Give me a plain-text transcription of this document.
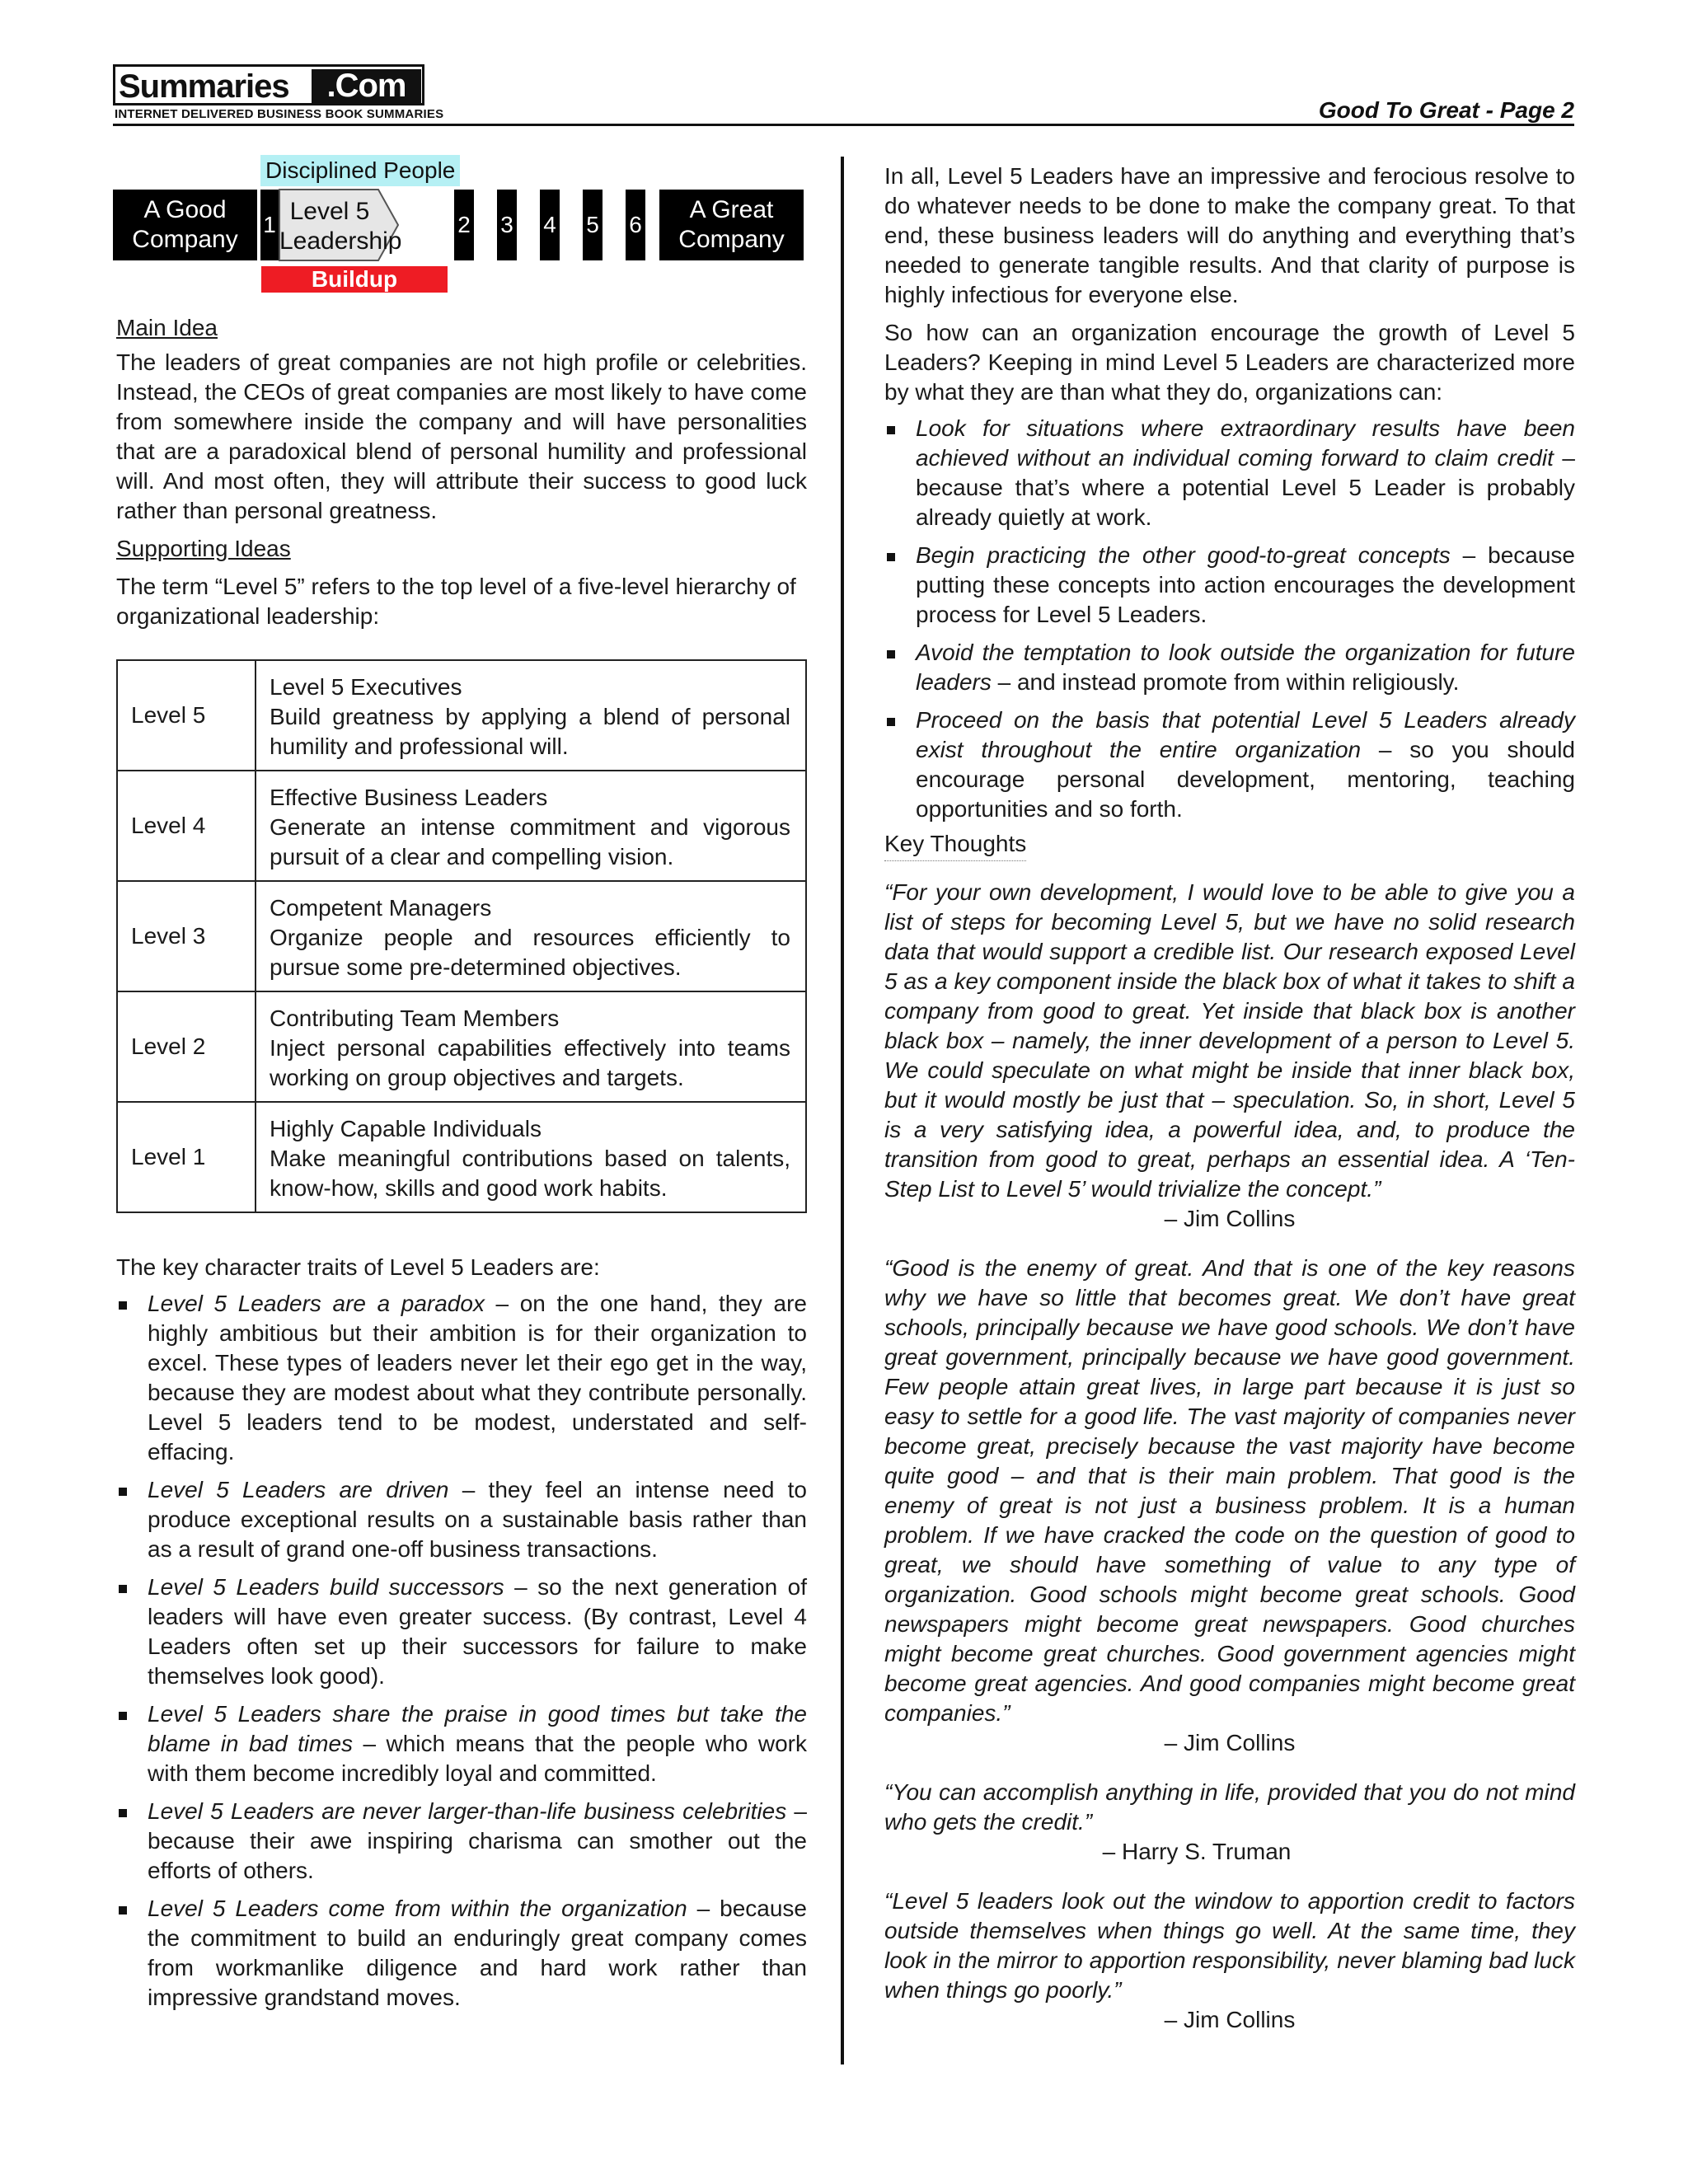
Summaries	.Com
INTERNET DELIVERED BUSINESS BOOK SUMMARIES	Good To Great - Page 2
Disciplined People
A Good
Company
1 Level 5
Leadership
2 3 4 5 6
A Great
Company
Buildup
Main Idea

The leaders of great companies are not high profile or celebrities. Instead, the CEOs of great companies are most likely to have come from somewhere inside the company and will have personalities that are a paradoxical blend of personal humility and professional will. And most often, they will attribute their success to good luck rather than personal greatness.

Supporting Ideas

The term “Level 5” refers to the top level of a five-level hierarchy of organizational leadership:

Level 5	Level 5 Executives
Build greatness by applying a blend of personal humility and professional will.

Level 4	Effective Business Leaders
Generate an intense commitment and vigorous pursuit of a clear and compelling vision.

Level 3	Competent Managers
Organize people and resources efficiently to pursue some pre-determined objectives.

Level 2	Contributing Team Members
Inject personal capabilities effectively into teams working on group objectives and targets.

Level 1	Highly Capable Individuals
Make meaningful contributions based on talents, know-how, skills and good work habits.

The key character traits of Level 5 Leaders are:

Level 5 Leaders are a paradox – on the one hand, they are highly ambitious but their ambition is for their organization to excel. These types of leaders never let their ego get in the way, because they are modest about what they contribute personally. Level 5 leaders tend to be modest, understated and self-effacing.
Level 5 Leaders are driven – they feel an intense need to produce exceptional results on a sustainable basis rather than as a result of grand one-off business transactions.
Level 5 Leaders build successors – so the next generation of leaders will have even greater success. (By contrast, Level 4 Leaders often set up their successors for failure to make themselves look good).
Level 5 Leaders share the praise in good times but take the blame in bad times – which means that the people who work with them become incredibly loyal and committed.
Level 5 Leaders are never larger-than-life business celebrities – because their awe inspiring charisma can smother out the efforts of others.
Level 5 Leaders come from within the organization – because the commitment to build an enduringly great company comes from workmanlike diligence and hard work rather than impressive grandstand moves.

In all, Level 5 Leaders have an impressive and ferocious resolve to do whatever needs to be done to make the company great. To that end, these business leaders will do anything and everything that’s needed to generate tangible results. And that clarity of purpose is highly infectious for everyone else.

So how can an organization encourage the growth of Level 5 Leaders? Keeping in mind Level 5 Leaders are characterized more by what they are than what they do, organizations can:

Look for situations where extraordinary results have been achieved without an individual coming forward to claim credit – because that’s where a potential Level 5 Leader is probably already quietly at work.
Begin practicing the other good-to-great concepts – because putting these concepts into action encourages the development process for Level 5 Leaders.
Avoid the temptation to look outside the organization for future leaders – and instead promote from within religiously.
Proceed on the basis that potential Level 5 Leaders already exist throughout the entire organization – so you should encourage personal development, mentoring, teaching opportunities and so forth.
Key Thoughts

“For your own development, I would love to be able to give you a list of steps for becoming Level 5, but we have no solid research data that would support a credible list. Our research exposed Level 5 as a key component inside the black box of what it takes to shift a company from good to great. Yet inside that black box is another black box – namely, the inner development of a person to Level 5. We could speculate on what might be inside that inner black box, but it would mostly be just that – speculation. So, in short, Level 5 is a very satisfying idea, a powerful idea, and, to produce the transition from good to great, perhaps an essential idea. A ‘Ten-Step List to Level 5’ would trivialize the concept.”

– Jim Collins

“Good is the enemy of great. And that is one of the key reasons why we have so little that becomes great. We don’t have great schools, principally because we have good schools. We don’t have great government, principally because we have good government. Few people attain great lives, in large part because it is just so easy to settle for a good life. The vast majority of companies never become great, precisely because the vast majority have become quite good – and that is their main problem. That good is the enemy of great is not just a business problem. It is a human problem. If we have cracked the code on the question of good to great, we should have something of value to any type of organization. Good schools might become great schools. Good newspapers might become great newspapers. Good churches might become great churches. Good government agencies might become great agencies. And good companies might become great companies.”

– Jim Collins

“You can accomplish anything in life, provided that you do not mind who gets the credit.”

– Harry S. Truman

“Level 5 leaders look out the window to apportion credit to factors outside themselves when things go well. At the same time, they look in the mirror to apportion responsibility, never blaming bad luck when things go poorly.”

– Jim Collins
